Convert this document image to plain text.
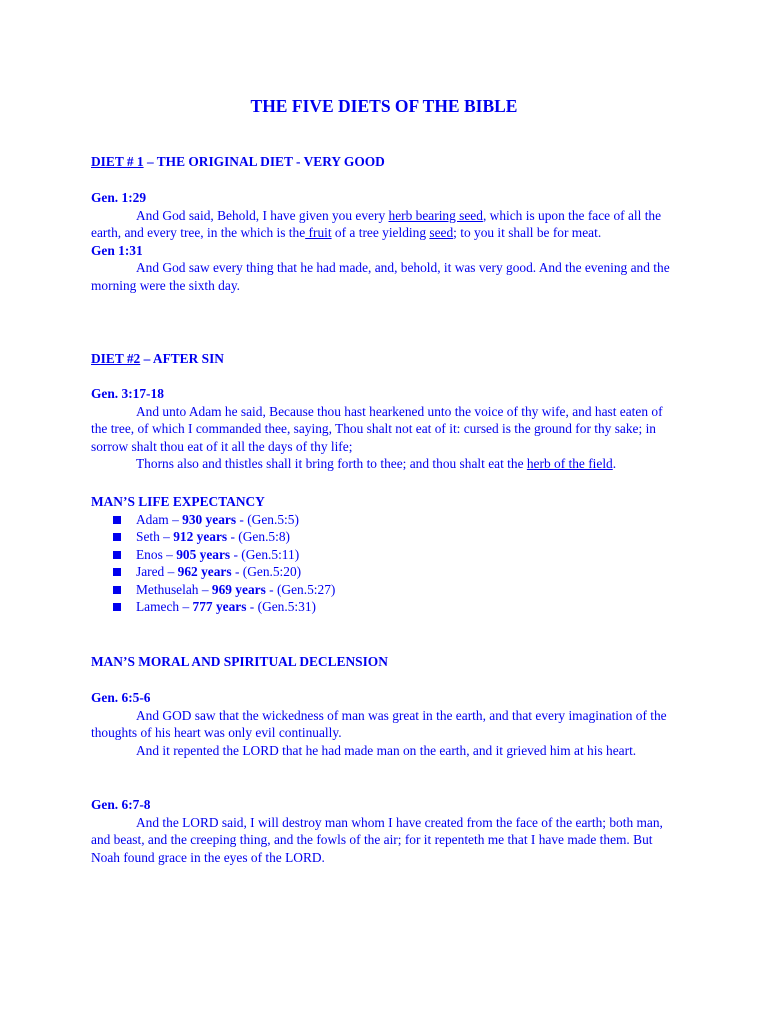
THE FIVE DIETS OF THE BIBLE
DIET # 1 – THE ORIGINAL DIET - VERY GOOD
Gen. 1:29
And God said, Behold, I have given you every herb bearing seed, which is upon the face of all the earth, and every tree, in the which is the fruit of a tree yielding seed; to you it shall be for meat.
Gen 1:31
And God saw every thing that he had made, and, behold, it was very good. And the evening and the morning were the sixth day.
DIET #2 – AFTER SIN
Gen. 3:17-18
And unto Adam he said, Because thou hast hearkened unto the voice of thy wife, and hast eaten of the tree, of which I commanded thee, saying, Thou shalt not eat of it: cursed is the ground for thy sake; in sorrow shalt thou eat of it all the days of thy life;
Thorns also and thistles shall it bring forth to thee; and thou shalt eat the herb of the field.
MAN’S LIFE EXPECTANCY
Adam – 930 years - (Gen.5:5)
Seth – 912 years - (Gen.5:8)
Enos – 905 years - (Gen.5:11)
Jared – 962 years - (Gen.5:20)
Methuselah – 969 years - (Gen.5:27)
Lamech – 777 years - (Gen.5:31)
MAN’S MORAL AND SPIRITUAL DECLENSION
Gen. 6:5-6
And GOD saw that the wickedness of man was great in the earth, and that every imagination of the thoughts of his heart was only evil continually.
And it repented the LORD that he had made man on the earth, and it grieved him at his heart.
Gen. 6:7-8
And the LORD said, I will destroy man whom I have created from the face of the earth; both man, and beast, and the creeping thing, and the fowls of the air; for it repenteth me that I have made them. But Noah found grace in the eyes of the LORD.
